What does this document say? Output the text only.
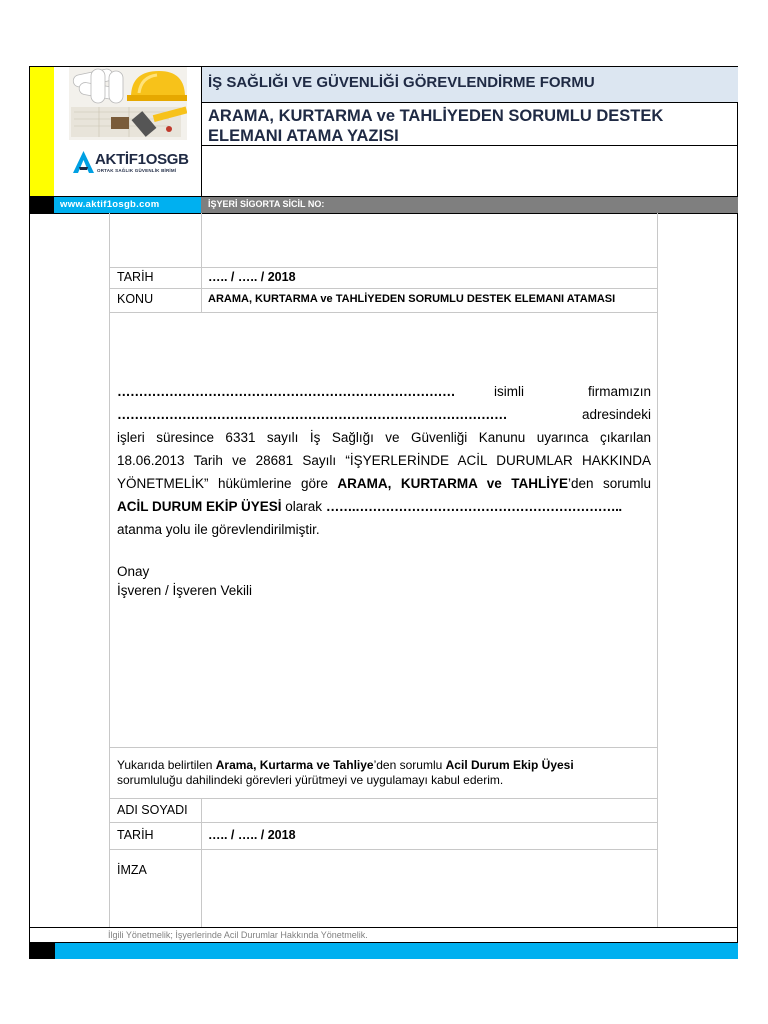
AKTİF1OSGB
ORTAK SAĞLIK GÜVENLİK BİRİMİ
İŞ SAĞLIĞI VE GÜVENLİĞİ GÖREVLENDİRME FORMU
ARAMA, KURTARMA ve TAHLİYEDEN SORUMLU DESTEK ELEMANI ATAMA YAZISI
www.aktif1osgb.com	İŞYERİ SİGORTA SİCİL NO:
TARİH	….. / ….. / 2018
KONU	ARAMA, KURTARMA ve TAHLİYEDEN SORUMLU DESTEK ELEMANI ATAMASI
……………………………………………………………………	isimli	firmamızın
………………………………………………………………………………	adresindeki
işleri süresince 6331 sayılı İş Sağlığı ve Güvenliği Kanunu uyarınca çıkarılan
18.06.2013 Tarih ve 28681 Sayılı “İŞYERLERİNDE ACİL DURUMLAR HAKKINDA
YÖNETMELİK” hükümlerine göre ARAMA, KURTARMA ve TAHLİYE’den sorumlu
ACİL DURUM EKİP ÜYESİ olarak …….……………………………………………………..
atanma yolu ile görevlendirilmiştir.
Onay
İşveren / İşveren Vekili
Yukarıda belirtilen Arama, Kurtarma ve Tahliye’den sorumlu Acil Durum Ekip Üyesi
sorumluluğu dahilindeki görevleri yürütmeyi ve uygulamayı kabul ederim.
ADI SOYADI
TARİH	….. / ….. / 2018
İMZA
İlgili Yönetmelik; İşyerlerinde Acil Durumlar Hakkında Yönetmelik.
